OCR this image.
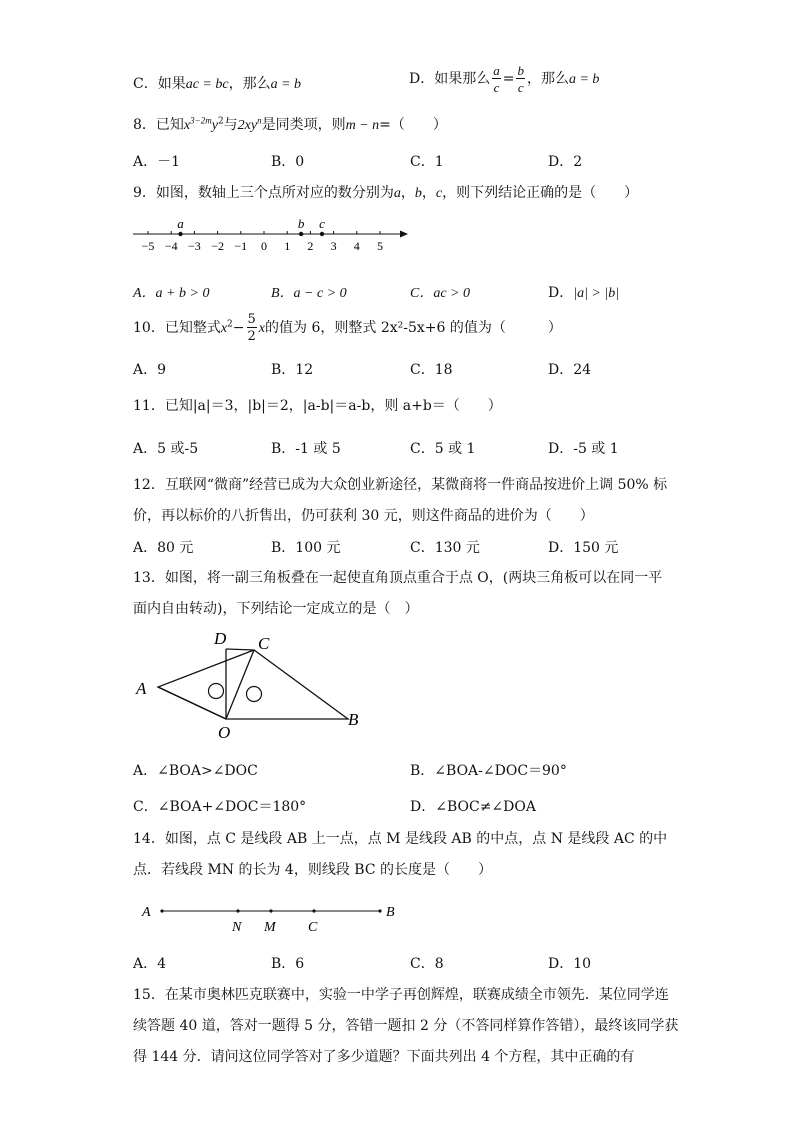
C．如果ac = bc，那么a = b	D．如果那么 $\frac{a}{c} = \frac{b}{c}$ ，那么a = b
8．已知$x^{3-2m}y^2$与$2xy^n$是同类项，则m − n=（　　）
A．－1	B．0	C．1	D．2
9．如图，数轴上三个点所对应的数分别为a，b，c，则下列结论正确的是（　　）
−5 −4 −3 −2 −1 0 1 2 3 4 5
a	b c
A．a + b > 0	B．a − c > 0	C．ac > 0	D．|a| > |b|
10．已知整式$x^2- \frac{5}{2}$ x的值为 6，则整式 2x²-5x+6 的值为（　　　）
A．9	B．12	C．18	D．24
11．已知|a|＝3，|b|＝2，|a-b|＝a-b，则 a+b＝（　　）
A．5 或-5	B．-1 或 5	C．5 或 1	D．-5 或 1
12．互联网“微商”经营已成为大众创业新途径，某微商将一件商品按进价上调 50% 标
价，再以标价的八折售出，仍可获利 30 元，则这件商品的进价为（　　）
A．80 元	B．100 元	C．130 元	D．150 元
13．如图，将一副三角板叠在一起使直角顶点重合于点 O，(两块三角板可以在同一平
面内自由转动)，下列结论一定成立的是（　）
A
D C
O
B
A．∠BOA>∠DOC	B．∠BOA-∠DOC＝90°
C．∠BOA+∠DOC＝180°	D．∠BOC≠∠DOA
14．如图，点 C 是线段 AB 上一点，点 M 是线段 AB 的中点，点 N 是线段 AC 的中
点．若线段 MN 的长为 4，则线段 BC 的长度是（　　）
A	B
N M C
A．4	B．6	C．8	D．10
15．在某市奥林匹克联赛中，实验一中学子再创辉煌，联赛成绩全市领先．某位同学连
续答题 40 道，答对一题得 5 分，答错一题扣 2 分（不答同样算作答错），最终该同学获
得 144 分．请问这位同学答对了多少道题？下面共列出 4 个方程，其中正确的有
